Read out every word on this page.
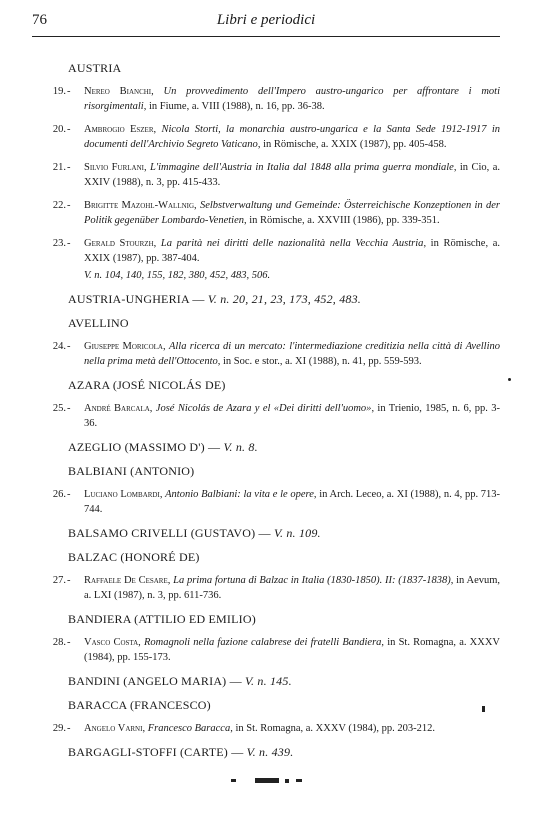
76	Libri e periodici
AUSTRIA
19. -	Nereo Bianchi, Un provvedimento dell'Impero austro-ungarico per affrontare i moti risorgimentali, in Fiume, a. VIII (1988), n. 16, pp. 36-38.
20. -	Ambrogio Eszer, Nicola Storti, la monarchia austro-ungarica e la Santa Sede 1912-1917 in documenti dell'Archivio Segreto Vaticano, in Römische, a. XXIX (1987), pp. 405-458.
21. -	Silvio Furlani, L'immagine dell'Austria in Italia dal 1848 alla prima guerra mondiale, in Cio, a. XXIV (1988), n. 3, pp. 415-433.
22. -	Brigitte Mazohl-Wallnig, Selbstverwaltung und Gemeinde: Österreichische Konzeptionen in der Politik gegenüber Lombardo-Venetien, in Römische, a. XXVIII (1986), pp. 339-351.
23. -	Gerald Stourzh, La parità nei diritti delle nazionalità nella Vecchia Austria, in Römische, a. XXIX (1987), pp. 387-404.
V. n. 104, 140, 155, 182, 380, 452, 483, 506.
AUSTRIA-UNGHERIA — V. n. 20, 21, 23, 173, 452, 483.
AVELLINO
24. -	Giuseppe Moricola, Alla ricerca di un mercato: l'intermediazione creditizia nella città di Avellino nella prima metà dell'Ottocento, in Soc. e stor., a. XI (1988), n. 41, pp. 559-593.
AZARA (JOSÉ NICOLÁS DE)
25. -	André Barcala, José Nicolás de Azara y el «Dei diritti dell'uomo», in Trienio, 1985, n. 6, pp. 3-36.
AZEGLIO (MASSIMO D') — V. n. 8.
BALBIANI (ANTONIO)
26. -	Luciano Lombardi, Antonio Balbiani: la vita e le opere, in Arch. Leceo, a. XI (1988), n. 4, pp. 713-744.
BALSAMO CRIVELLI (GUSTAVO) — V. n. 109.
BALZAC (HONORÉ DE)
27. -	Raffaele De Cesare, La prima fortuna di Balzac in Italia (1830-1850). II: (1837-1838), in Aevum, a. LXI (1987), n. 3, pp. 611-736.
BANDIERA (ATTILIO ED EMILIO)
28. -	Vasco Costa, Romagnoli nella fazione calabrese dei fratelli Bandiera, in St. Romagna, a. XXXV (1984), pp. 155-173.
BANDINI (ANGELO MARIA) — V. n. 145.
BARACCA (FRANCESCO)
29. -	Angelo Varni, Francesco Baracca, in St. Romagna, a. XXXV (1984), pp. 203-212.
BARGAGLI-STOFFI (CARTE) — V. n. 439.
